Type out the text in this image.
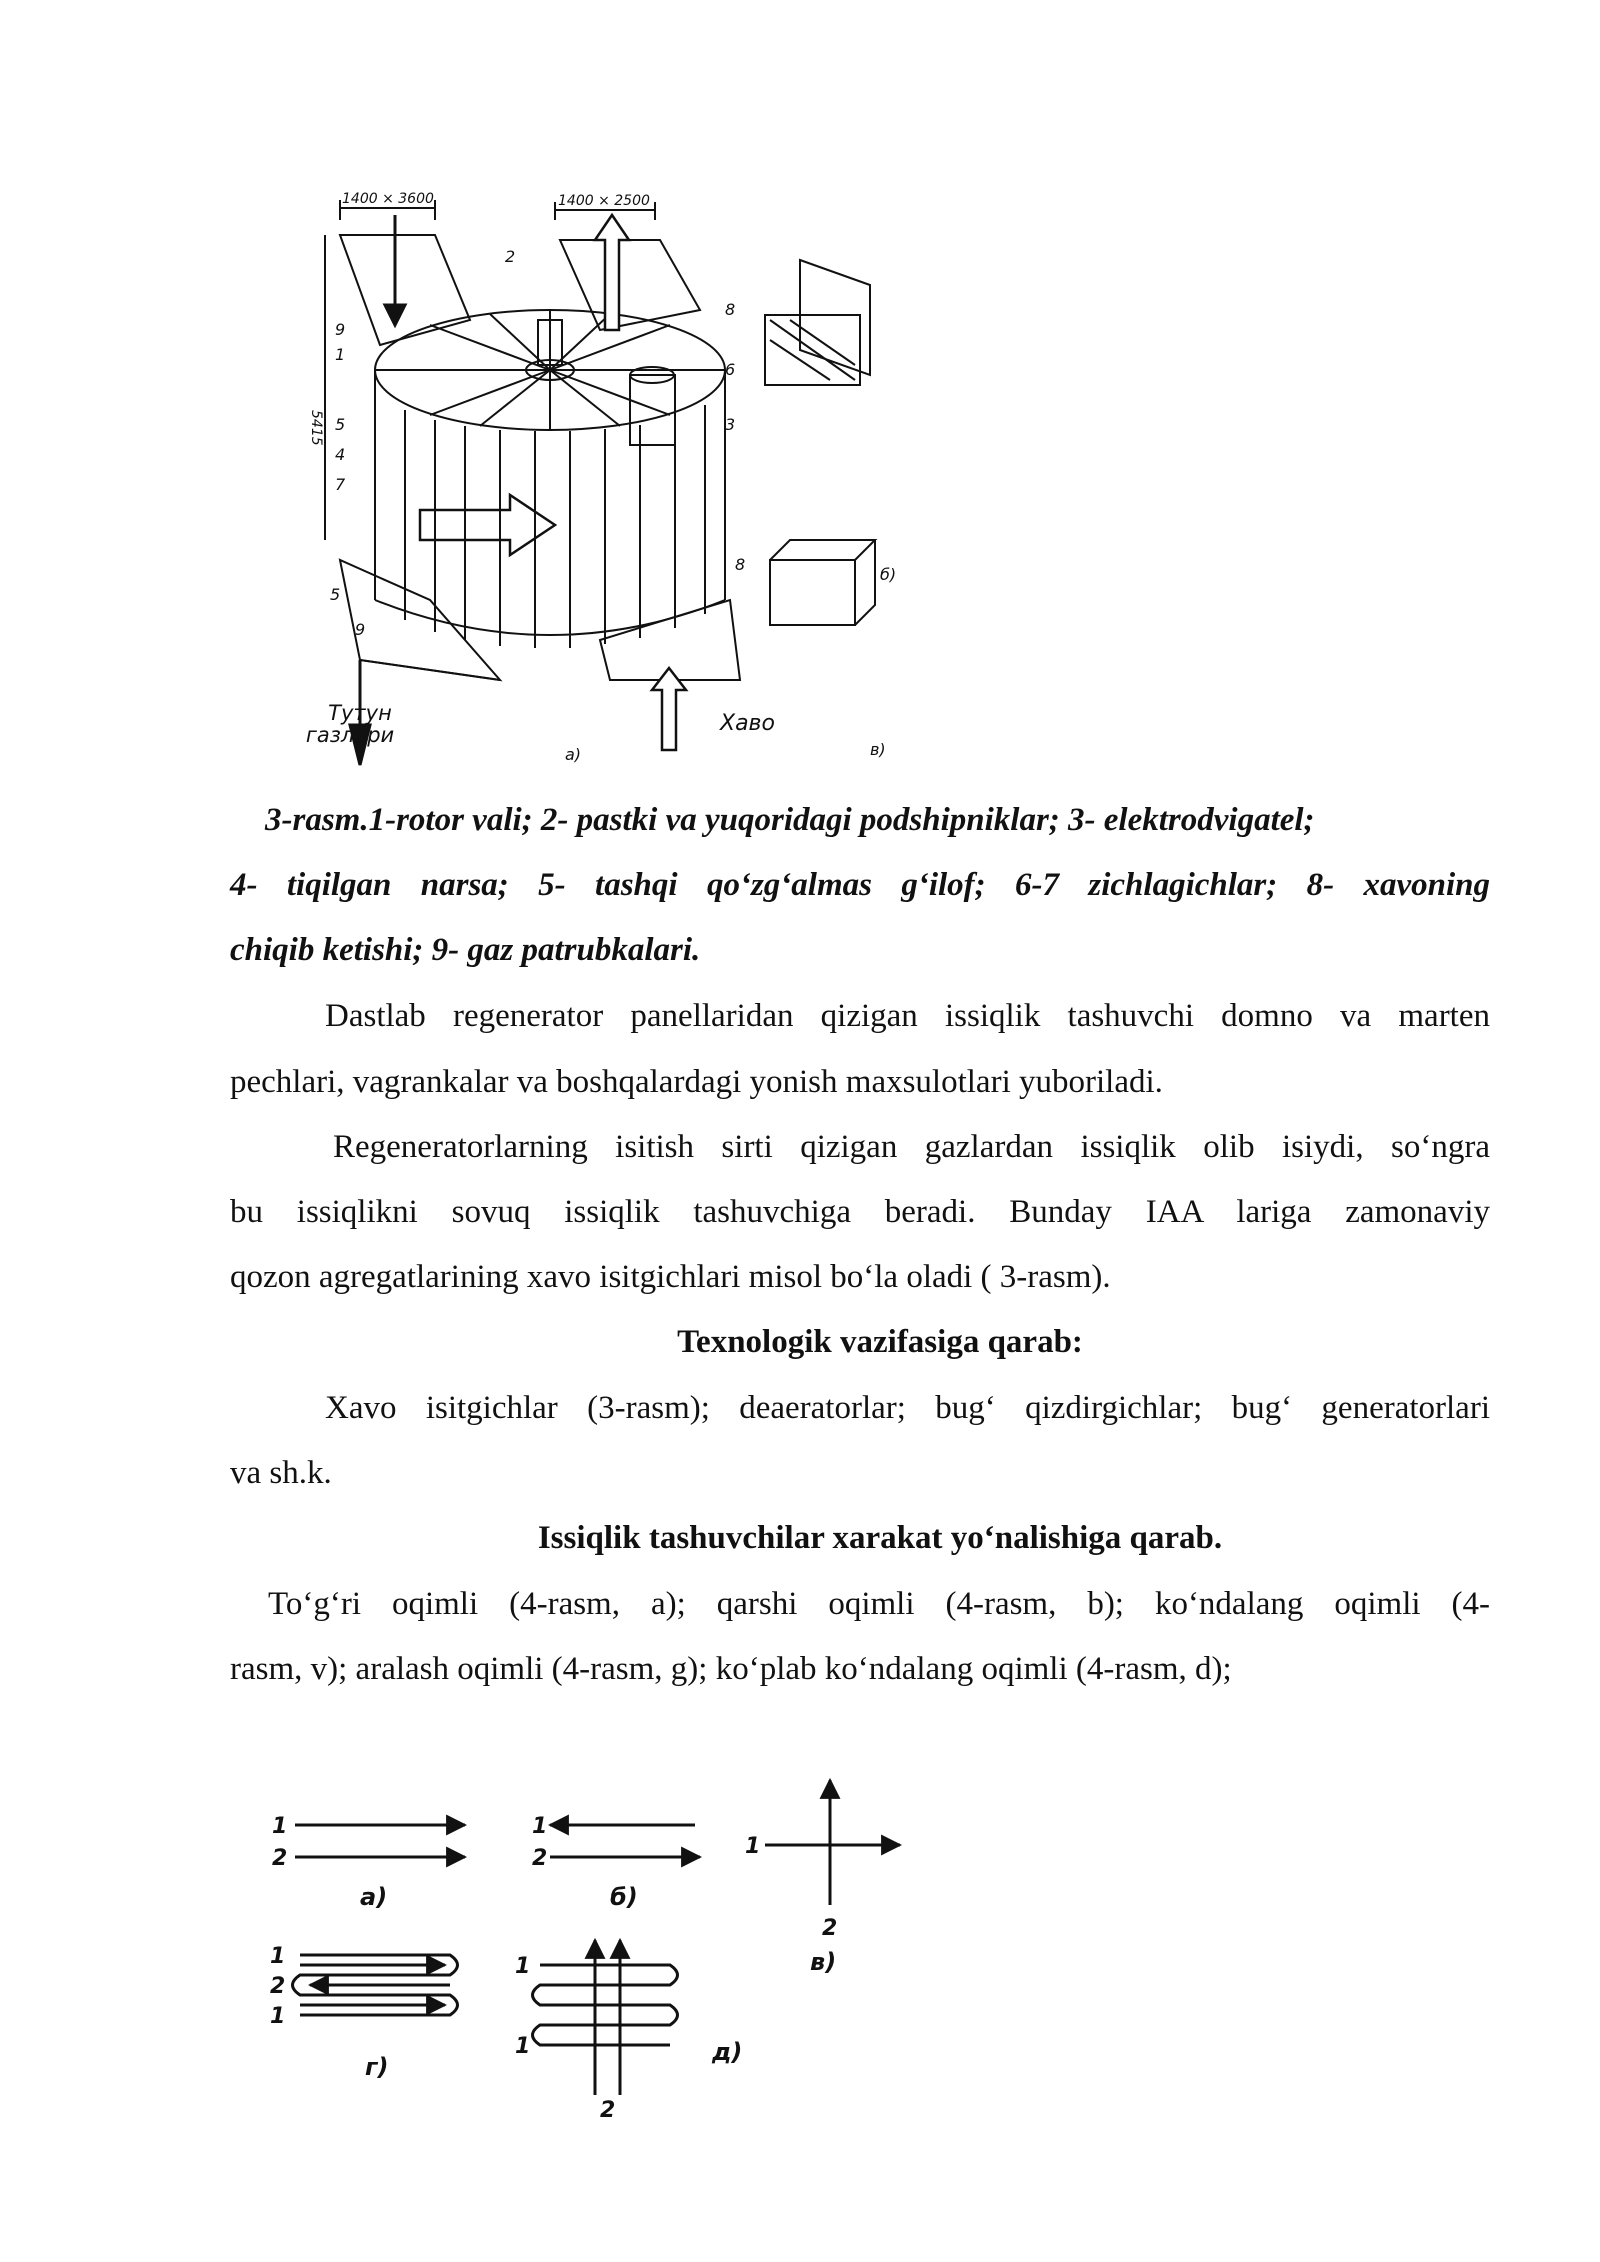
1400 × 3600	1400 × 2500
5415
2
9
1
5
4
7
5
9
8
6
3
8
Тутун
газлари	Хаво
а)
б)
в)
3-rasm.1-rotor vali; 2- pastki va yuqoridagi podshipniklar; 3- elektrodvigatel;
4- tiqilgan narsa; 5- tashqi qo‘zg‘almas g‘ilof; 6-7 zichlagichlar; 8- xavoning
chiqib ketishi; 9- gaz patrubkalari.
Dastlab regenerator panellaridan qizigan issiqlik tashuvchi domno va marten
pechlari, vagrankalar va boshqalardagi yonish maxsulotlari yuboriladi.
Regeneratorlarning isitish sirti qizigan gazlardan issiqlik olib isiydi, so‘ngra
bu issiqlikni sovuq issiqlik tashuvchiga beradi. Bunday IAA lariga zamonaviy
qozon agregatlarining xavo isitgichlari misol bo‘la oladi ( 3-rasm).
Texnologik vazifasiga qarab:
Xavo isitgichlar (3-rasm); deaeratorlar; bug‘ qizdirgichlar; bug‘ generatorlari
va sh.k.
Issiqlik tashuvchilar xarakat yo‘nalishiga qarab.
To‘g‘ri oqimli (4-rasm, a); qarshi oqimli (4-rasm, b); ko‘ndalang oqimli (4-
rasm, v); aralash oqimli (4-rasm, g); ko‘plab ko‘ndalang oqimli (4-rasm, d);
1
2
а)
1
2
б)
1
2
в)
1
2
1
г)
1
1
2
д)
